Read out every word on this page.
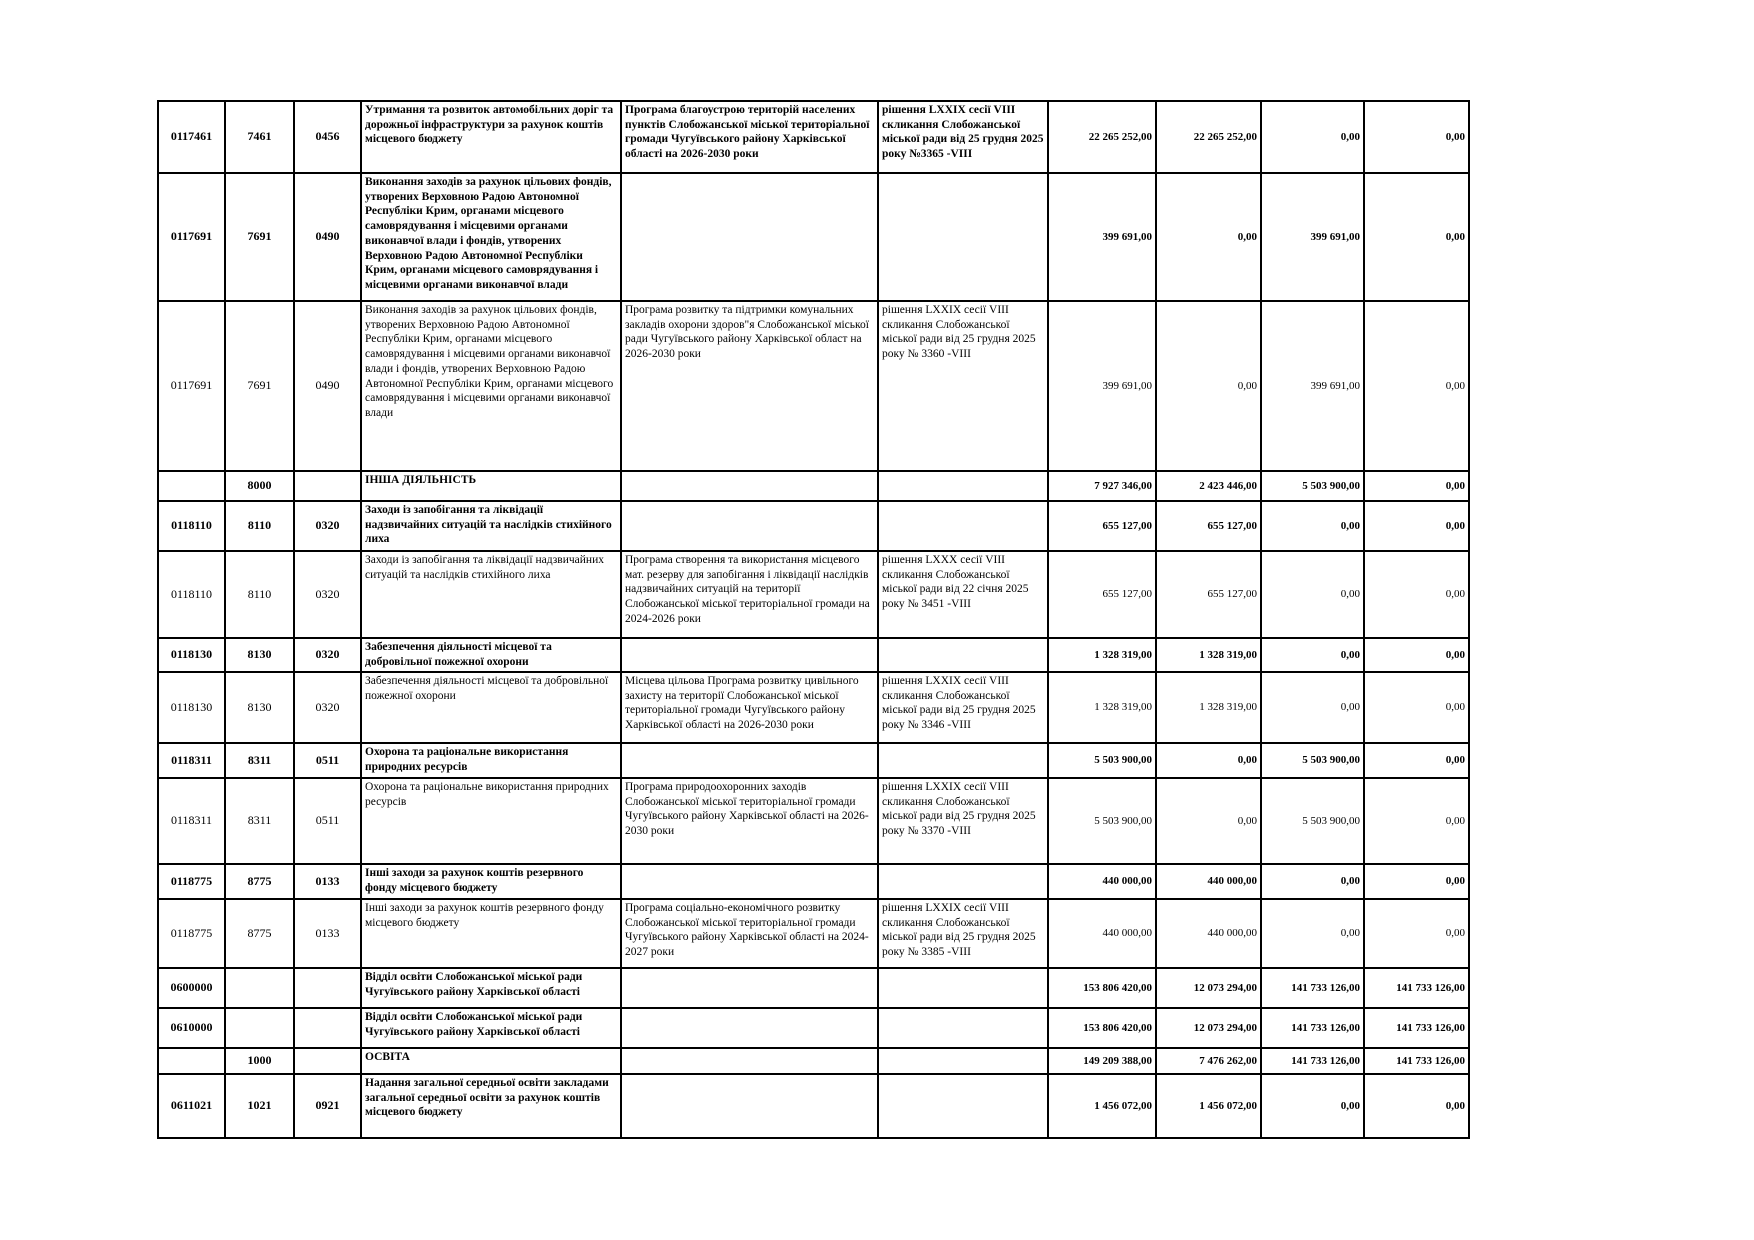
0117461	7461	0456	Утримання та розвиток автомобільних доріг та дорожньої інфраструктури за рахунок коштів місцевого бюджету	Програма благоустрою територій населених пунктів Слобожанської міської територіальної громади Чугуївського району Харківської області на 2026-2030 роки	рішення LXXIX сесії VIII скликання Слобожанської міської ради від 25 грудня 2025 року №3365 -VIII	22 265 252,00	22 265 252,00	0,00	0,00
0117691	7691	0490	Виконання заходів за рахунок цільових фондів, утворених Верховною Радою Автономної Республіки Крим, органами місцевого самоврядування і місцевими органами виконавчої влади і фондів, утворених Верховною Радою Автономної Республіки Крим, органами місцевого самоврядування і місцевими органами виконавчої влади			399 691,00	0,00	399 691,00	0,00
0117691	7691	0490	Виконання заходів за рахунок цільових фондів, утворених Верховною Радою Автономної Республіки Крим, органами місцевого самоврядування і місцевими органами виконавчої влади і фондів, утворених Верховною Радою Автономної Республіки Крим, органами місцевого самоврядування і місцевими органами виконавчої влади	Програма розвитку та підтримки комунальних закладів охорони здоров"я Слобожанської міської ради Чугуївського району Харківської област на 2026-2030 роки	рішення LXXIX сесії VIII скликання Слобожанської міської ради від 25 грудня 2025 року № 3360 -VIII	399 691,00	0,00	399 691,00	0,00
	8000		ІНША ДІЯЛЬНІСТЬ			7 927 346,00	2 423 446,00	5 503 900,00	0,00
0118110	8110	0320	Заходи із запобігання та ліквідації надзвичайних ситуацій та наслідків стихійного лиха			655 127,00	655 127,00	0,00	0,00
0118110	8110	0320	Заходи із запобігання та ліквідації надзвичайних ситуацій та наслідків стихійного лиха	Програма створення та використання місцевого мат. резерву для запобігання і ліквідації наслідків надзвичайних ситуацій на території Слобожанської міської територіальної громади на 2024-2026 роки	рішення LXXX сесії VIII скликання Слобожанської міської ради від 22 січня 2025 року № 3451 -VIII	655 127,00	655 127,00	0,00	0,00
0118130	8130	0320	Забезпечення діяльності місцевої та добровільної пожежної охорони			1 328 319,00	1 328 319,00	0,00	0,00
0118130	8130	0320	Забезпечення діяльності місцевої та добровільної пожежної охорони	Місцева цільова Програма розвитку цивільного захисту на території Слобожанської міської територіальної громади Чугуївського району Харківської області на 2026-2030 роки	рішення LXXIX сесії VIII скликання Слобожанської міської ради від 25 грудня 2025 року № 3346 -VIII	1 328 319,00	1 328 319,00	0,00	0,00
0118311	8311	0511	Охорона та раціональне використання природних ресурсів			5 503 900,00	0,00	5 503 900,00	0,00
0118311	8311	0511	Охорона та раціональне використання природних ресурсів	Програма природоохоронних заходів Слобожанської міської територіальної громади Чугуївського району Харківської області на 2026-2030 роки	рішення LXXIX сесії VIII скликання Слобожанської міської ради від 25 грудня 2025 року № 3370 -VIII	5 503 900,00	0,00	5 503 900,00	0,00
0118775	8775	0133	Інші заходи за рахунок коштів резервного фонду місцевого бюджету			440 000,00	440 000,00	0,00	0,00
0118775	8775	0133	Інші заходи за рахунок коштів резервного фонду місцевого бюджету	Програма соціально-економічного розвитку Слобожанської міської територіальної громади Чугуївського району Харківської області на 2024-2027 роки	рішення LXXIX сесії VIII скликання Слобожанської міської ради від 25 грудня 2025 року № 3385 -VIII	440 000,00	440 000,00	0,00	0,00
0600000			Відділ освіти Слобожанської міської ради Чугуївського району Харківської області			153 806 420,00	12 073 294,00	141 733 126,00	141 733 126,00
0610000			Відділ освіти Слобожанської міської ради Чугуївського району Харківської області			153 806 420,00	12 073 294,00	141 733 126,00	141 733 126,00
	1000		ОСВІТА			149 209 388,00	7 476 262,00	141 733 126,00	141 733 126,00
0611021	1021	0921	Надання загальної середньої освіти закладами загальної середньої освіти за рахунок коштів місцевого бюджету			1 456 072,00	1 456 072,00	0,00	0,00
